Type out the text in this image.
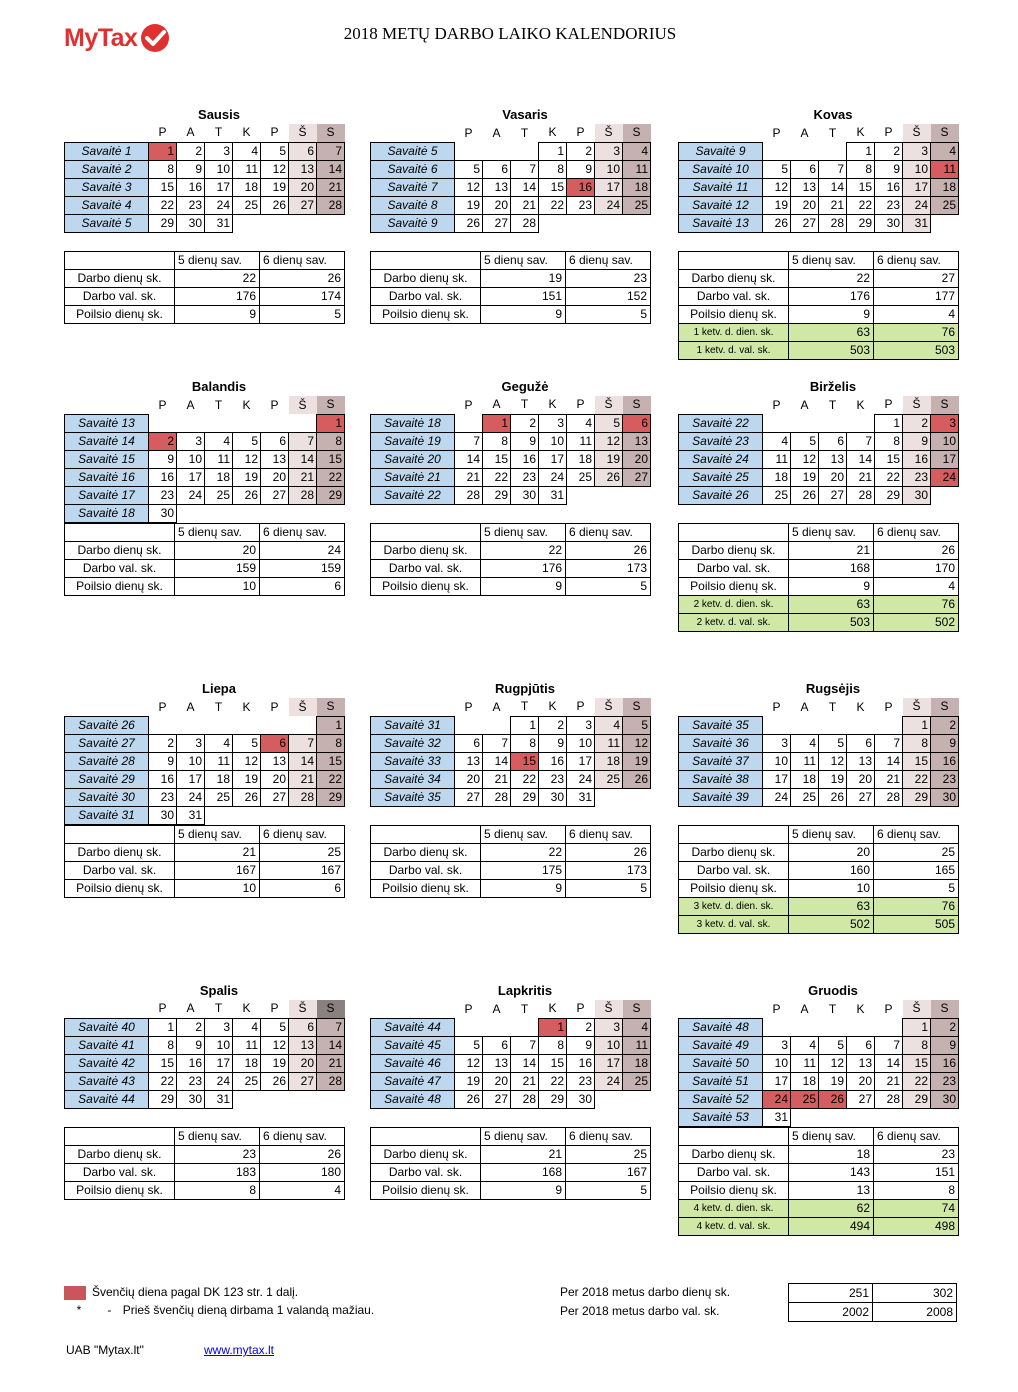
MyTax	2018 METŲ DARBO LAIKO KALENDORIUS
Sausis
	P	A	T	K	P	Š	S
Savaitė 1	1	2	3	4	5	6	7
Savaitė 2	8	9	10	11	12	13	14
Savaitė 3	15	16	17	18	19	20	21
Savaitė 4	22	23	24	25	26	27	28
Savaitė 5	29	30	31				
	5 dienų sav.	6 dienų sav.
Darbo dienų sk.	22	26
Darbo val. sk.	176	174
Poilsio dienų sk.	9	5
Vasaris
	P	A	T	K	P	Š	S
Savaitė 5				1	2	3	4
Savaitė 6	5	6	7	8	9	10	11
Savaitė 7	12	13	14	15	16	17	18
Savaitė 8	19	20	21	22	23	24	25
Savaitė 9	26	27	28				
	5 dienų sav.	6 dienų sav.
Darbo dienų sk.	19	23
Darbo val. sk.	151	152
Poilsio dienų sk.	9	5
Kovas
	P	A	T	K	P	Š	S
Savaitė 9				1	2	3	4
Savaitė 10	5	6	7	8	9	10	11
Savaitė 11	12	13	14	15	16	17	18
Savaitė 12	19	20	21	22	23	24	25
Savaitė 13	26	27	28	29	30	31	
	5 dienų sav.	6 dienų sav.
Darbo dienų sk.	22	27
Darbo val. sk.	176	177
Poilsio dienų sk.	9	4
1 ketv. d. dien. sk.	63	76
1 ketv. d. val. sk.	503	503
Balandis
	P	A	T	K	P	Š	S
Savaitė 13							1
Savaitė 14	2	3	4	5	6	7	8
Savaitė 15	9	10	11	12	13	14	15
Savaitė 16	16	17	18	19	20	21	22
Savaitė 17	23	24	25	26	27	28	29
Savaitė 18	30						
	5 dienų sav.	6 dienų sav.
Darbo dienų sk.	20	24
Darbo val. sk.	159	159
Poilsio dienų sk.	10	6
Gegužė
	P	A	T	K	P	Š	S
Savaitė 18		1	2	3	4	5	6
Savaitė 19	7	8	9	10	11	12	13
Savaitė 20	14	15	16	17	18	19	20
Savaitė 21	21	22	23	24	25	26	27
Savaitė 22	28	29	30	31			
	5 dienų sav.	6 dienų sav.
Darbo dienų sk.	22	26
Darbo val. sk.	176	173
Poilsio dienų sk.	9	5
Birželis
	P	A	T	K	P	Š	S
Savaitė 22					1	2	3
Savaitė 23	4	5	6	7	8	9	10
Savaitė 24	11	12	13	14	15	16	17
Savaitė 25	18	19	20	21	22	23	24
Savaitė 26	25	26	27	28	29	30	
	5 dienų sav.	6 dienų sav.
Darbo dienų sk.	21	26
Darbo val. sk.	168	170
Poilsio dienų sk.	9	4
2 ketv. d. dien. sk.	63	76
2 ketv. d. val. sk.	503	502
Liepa
	P	A	T	K	P	Š	S
Savaitė 26							1
Savaitė 27	2	3	4	5	6	7	8
Savaitė 28	9	10	11	12	13	14	15
Savaitė 29	16	17	18	19	20	21	22
Savaitė 30	23	24	25	26	27	28	29
Savaitė 31	30	31					
	5 dienų sav.	6 dienų sav.
Darbo dienų sk.	21	25
Darbo val. sk.	167	167
Poilsio dienų sk.	10	6
Rugpjūtis
	P	A	T	K	P	Š	S
Savaitė 31			1	2	3	4	5
Savaitė 32	6	7	8	9	10	11	12
Savaitė 33	13	14	15	16	17	18	19
Savaitė 34	20	21	22	23	24	25	26
Savaitė 35	27	28	29	30	31		
	5 dienų sav.	6 dienų sav.
Darbo dienų sk.	22	26
Darbo val. sk.	175	173
Poilsio dienų sk.	9	5
Rugsėjis
	P	A	T	K	P	Š	S
Savaitė 35						1	2
Savaitė 36	3	4	5	6	7	8	9
Savaitė 37	10	11	12	13	14	15	16
Savaitė 38	17	18	19	20	21	22	23
Savaitė 39	24	25	26	27	28	29	30
	5 dienų sav.	6 dienų sav.
Darbo dienų sk.	20	25
Darbo val. sk.	160	165
Poilsio dienų sk.	10	5
3 ketv. d. dien. sk.	63	76
3 ketv. d. val. sk.	502	505
Spalis
	P	A	T	K	P	Š	S
Savaitė 40	1	2	3	4	5	6	7
Savaitė 41	8	9	10	11	12	13	14
Savaitė 42	15	16	17	18	19	20	21
Savaitė 43	22	23	24	25	26	27	28
Savaitė 44	29	30	31				
	5 dienų sav.	6 dienų sav.
Darbo dienų sk.	23	26
Darbo val. sk.	183	180
Poilsio dienų sk.	8	4
Lapkritis
	P	A	T	K	P	Š	S
Savaitė 44				1	2	3	4
Savaitė 45	5	6	7	8	9	10	11
Savaitė 46	12	13	14	15	16	17	18
Savaitė 47	19	20	21	22	23	24	25
Savaitė 48	26	27	28	29	30		
	5 dienų sav.	6 dienų sav.
Darbo dienų sk.	21	25
Darbo val. sk.	168	167
Poilsio dienų sk.	9	5
Gruodis
	P	A	T	K	P	Š	S
Savaitė 48						1	2
Savaitė 49	3	4	5	6	7	8	9
Savaitė 50	10	11	12	13	14	15	16
Savaitė 51	17	18	19	20	21	22	23
Savaitė 52	24	25	26	27	28	29	30
Savaitė 53	31						
	5 dienų sav.	6 dienų sav.
Darbo dienų sk.	18	23
Darbo val. sk.	143	151
Poilsio dienų sk.	13	8
4 ketv. d. dien. sk.	62	74
4 ketv. d. val. sk.	494	498
Švenčių diena pagal DK 123 str. 1 dalį.
* - Prieš švenčių dieną dirbama 1 valandą mažiau.
Per 2018 metus darbo dienų sk.
Per 2018 metus darbo val. sk.
251	302
2002	2008
UAB "Mytax.lt"	www.mytax.lt
